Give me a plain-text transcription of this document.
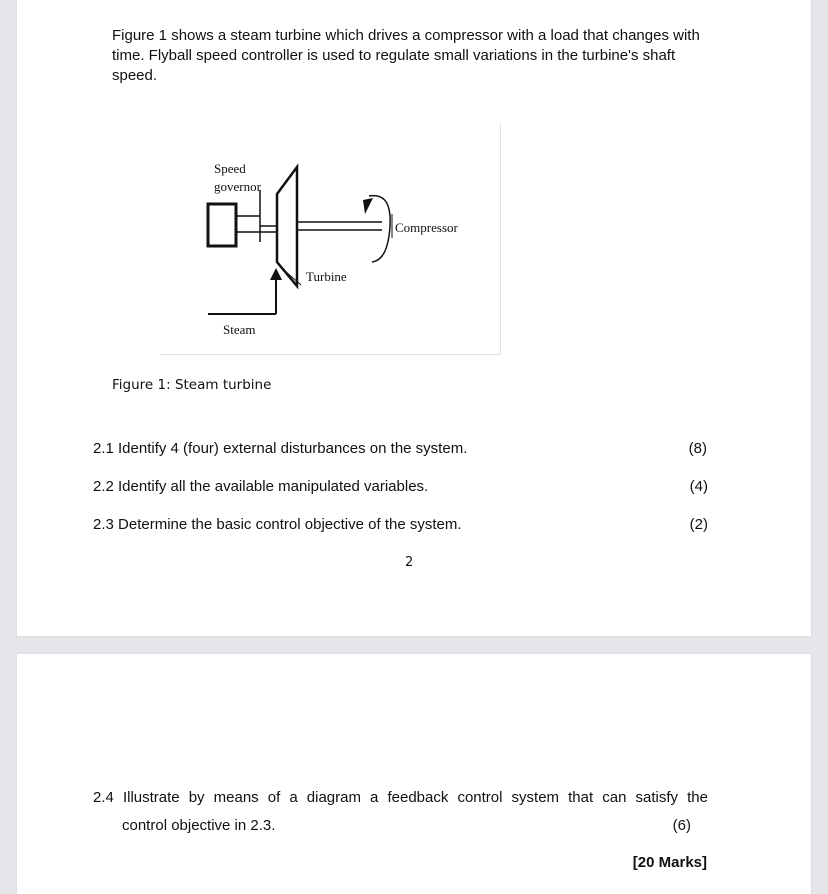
Figure 1 shows a steam turbine which drives a compressor with a load that changes with time. Flyball speed controller is used to regulate small variations in the turbine's shaft speed.

Speed
governor
Compressor
Turbine
Steam

Figure 1: Steam turbine

2.1 Identify 4 (four) external disturbances on the system.	(8)
2.2 Identify all the available manipulated variables.	(4)
2.3 Determine the basic control objective of the system.	(2)
2
2.4 Illustrate by means of a diagram a feedback control system that can satisfy the
control objective in 2.3.	(6)
[20 Marks]
